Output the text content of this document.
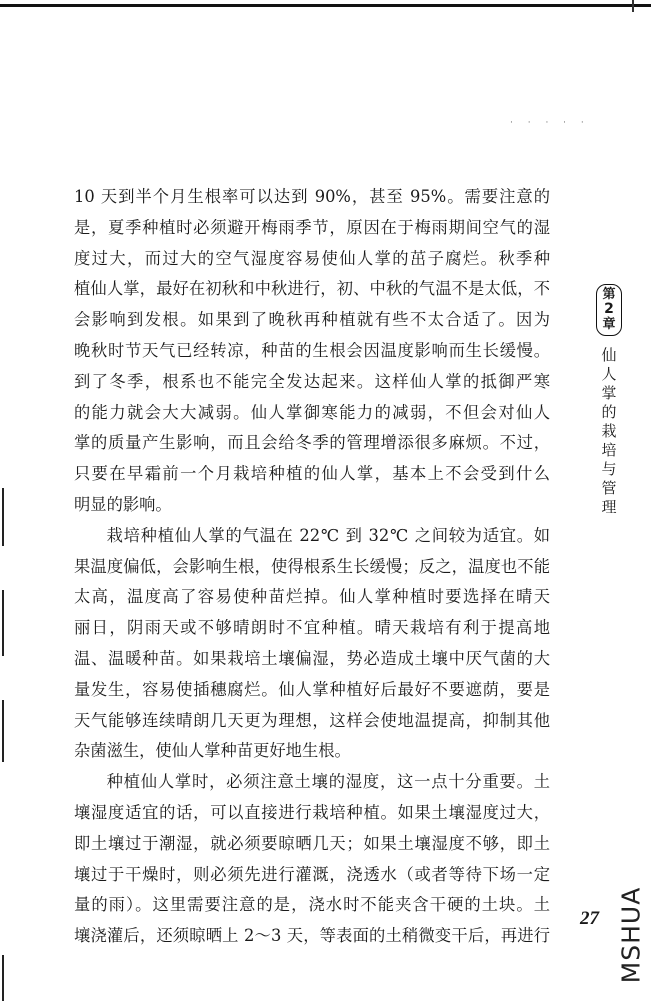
· · · · ·

10 天到半个月生根率可以达到 90%，甚至 95%。需要注意的
是，夏季种植时必须避开梅雨季节，原因在于梅雨期间空气的湿
度过大，而过大的空气湿度容易使仙人掌的茁子腐烂。秋季种
植仙人掌，最好在初秋和中秋进行，初、中秋的气温不是太低，不
会影响到发根。如果到了晚秋再种植就有些不太合适了。因为
晚秋时节天气已经转凉，种苗的生根会因温度影响而生长缓慢。
到了冬季，根系也不能完全发达起来。这样仙人掌的抵御严寒
的能力就会大大减弱。仙人掌御寒能力的减弱，不但会对仙人
掌的质量产生影响，而且会给冬季的管理增添很多麻烦。不过，
只要在早霜前一个月栽培种植的仙人掌，基本上不会受到什么
明显的影响。

栽培种植仙人掌的气温在 22℃ 到 32℃ 之间较为适宜。如
果温度偏低，会影响生根，使得根系生长缓慢；反之，温度也不能
太高，温度高了容易使种苗烂掉。仙人掌种植时要选择在晴天
丽日，阴雨天或不够晴朗时不宜种植。晴天栽培有利于提高地
温、温暖种苗。如果栽培土壤偏湿，势必造成土壤中厌气菌的大
量发生，容易使插穗腐烂。仙人掌种植好后最好不要遮荫，要是
天气能够连续晴朗几天更为理想，这样会使地温提高，抑制其他
杂菌滋生，使仙人掌种苗更好地生根。

种植仙人掌时，必须注意土壤的湿度，这一点十分重要。土
壤湿度适宜的话，可以直接进行栽培种植。如果土壤湿度过大，
即土壤过于潮湿，就必须要晾晒几天；如果土壤湿度不够，即土
壤过于干燥时，则必须先进行灌溉，浇透水（或者等待下场一定
量的雨）。这里需要注意的是，浇水时不能夹含干硬的土块。土
壤浇灌后，还须晾晒上 2～3 天，等表面的土稍微变干后，再进行

第
2
章
仙人掌的栽培与管理
27 MSHUA
